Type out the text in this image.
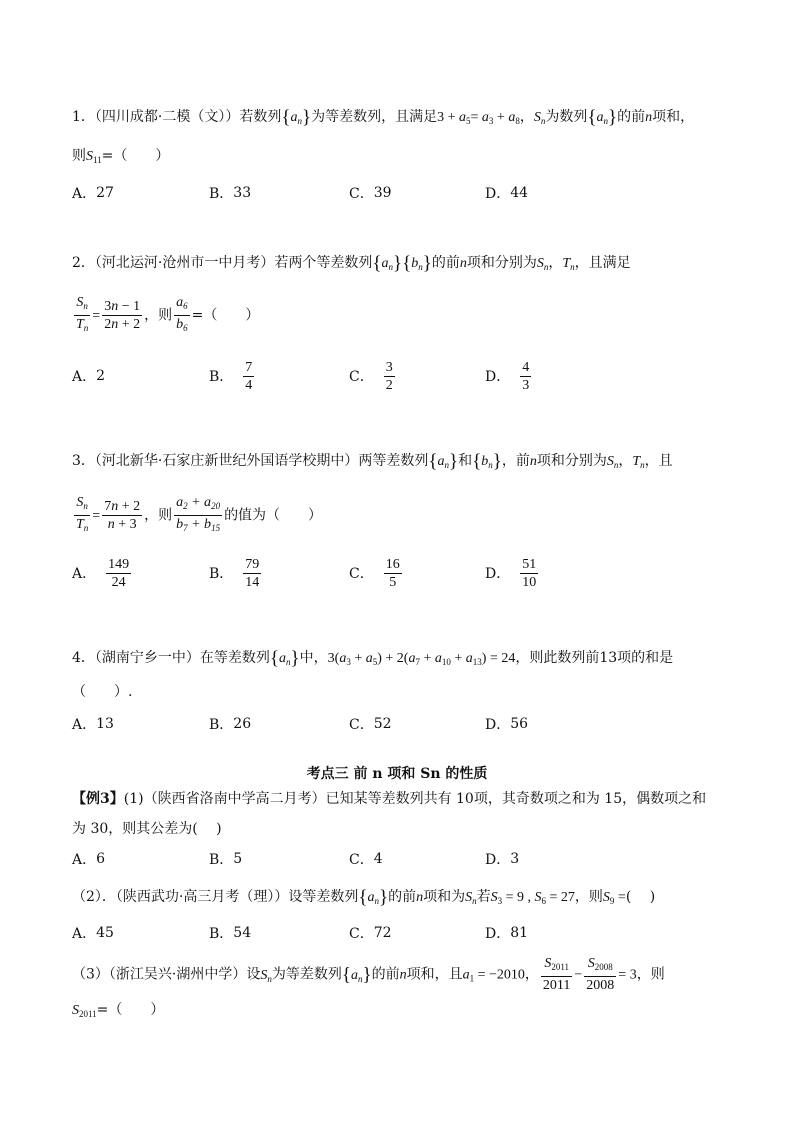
1．（四川成都·二模（文））若数列$\{a_n\}$为等差数列，且满足$3 + a_5= a_3 + a_8$，$S_n$为数列$\{a_n\}$的前n项和，
则$S_{11}=$（　　）
A． 27	B． 33	C． 39	D． 44
2．（河北运河·沧州市一中月考）若两个等差数列$\{a_n\}\{b_n\}$的前n项和分别为$S_n$，$T_n$，且满足
$\frac{S_n}{T_n} = \frac{3n - 1}{2n + 2}$ ，则 $\frac{a_6}{b_6}$ =（　　）
A． 2	B． $\frac{7}{4}$	C． $\frac{3}{2}$	D． $\frac{4}{3}$
3．（河北新华·石家庄新世纪外国语学校期中）两等差数列$\{a_n\}$和$\{b_n\}$，前n项和分别为$S_n$，$T_n$，且
$\frac{S_n}{T_n} = \frac{7n + 2}{n + 3}$ ，则 $\frac{a_2 + a_{20}}{b_7 + b_{15}}$ 的值为（　　）
A． $\frac{149}{24}$	B． $\frac{79}{14}$	C． $\frac{16}{5}$	D． $\frac{51}{10}$
4．（湖南宁乡一中）在等差数列$\{a_n\}$中，$3(a_3 + a_5) + 2(a_7 + a_{10} + a_{13}) = 24$，则此数列前13项的和是
（　　）.
A． 13	B． 26	C． 52	D． 56
考点三 前 n 项和 Sn 的性质
【例3】(1)（陕西省洛南中学高二月考）已知某等差数列共有 10项，其奇数项之和为 15，偶数项之和
为 30，则其公差为(　 )
A． 6	B． 5	C． 4	D． 3
（2）．（陕西武功·高三月考（理））设等差数列$\{a_n\}$的前n项和为$S_n$若$S_3 = 9$ , $S_6 = 27$，则$S_9$ =(　 )
A． 45	B． 54	C． 72	D． 81
（3）（浙江吴兴·湖州中学）设$S_n$为等差数列$\{a_n\}$的前n项和，且$a_1 = -2010$， $\frac{S_{2011}}{2011} - \frac{S_{2008}}{2008} = 3$，则
$S_{2011}=$（　　）
